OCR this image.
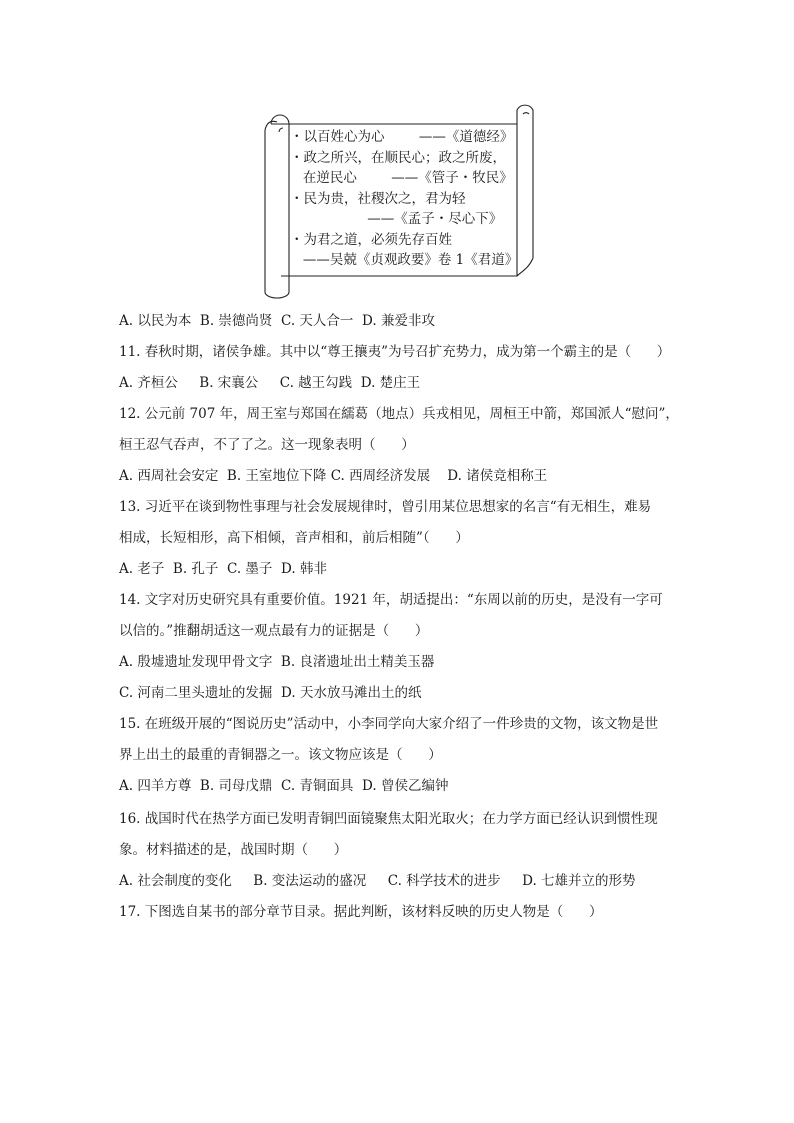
・以百姓心为心        ——《道德经》
・政之所兴，在顺民心；政之所废，
在逆民心        ——《管子・牧民》
・民为贵，社稷次之，君为轻
——《孟子・尽心下》
・为君之道，必须先存百姓
——吴兢《贞观政要》卷 1《君道》
A. 以民为本  B. 崇德尚贤  C. 天人合一  D. 兼爱非攻
11. 春秋时期，诸侯争雄。其中以“尊王攘夷”为号召扩充势力，成为第一个霸主的是（      ）
A. 齐桓公     B. 宋襄公     C. 越王勾践  D. 楚庄王
12. 公元前 707 年，周王室与郑国在繻葛（地点）兵戎相见，周桓王中箭，郑国派人“慰问”，
桓王忍气吞声，不了了之。这一现象表明（      ）
A. 西周社会安定  B. 王室地位下降 C. 西周经济发展    D. 诸侯竞相称王
13. 习近平在谈到物性事理与社会发展规律时，曾引用某位思想家的名言“有无相生，难易
相成，长短相形，高下相倾，音声相和，前后相随”（      ）
A. 老子  B. 孔子  C. 墨子  D. 韩非
14. 文字对历史研究具有重要价值。1921 年，胡适提出：“东周以前的历史，是没有一字可
以信的。”推翻胡适这一观点最有力的证据是（      ）
A. 殷墟遗址发现甲骨文字  B. 良渚遗址出土精美玉器
C. 河南二里头遗址的发掘  D. 天水放马滩出土的纸
15. 在班级开展的“图说历史”活动中，小李同学向大家介绍了一件珍贵的文物，该文物是世
界上出土的最重的青铜器之一。该文物应该是（      ）
A. 四羊方尊  B. 司母戊鼎  C. 青铜面具  D. 曾侯乙编钟
16. 战国时代在热学方面已发明青铜凹面镜聚焦太阳光取火；在力学方面已经认识到惯性现
象。材料描述的是，战国时期（      ）
A. 社会制度的变化     B. 变法运动的盛况     C. 科学技术的进步     D. 七雄并立的形势
17. 下图选自某书的部分章节目录。据此判断，该材料反映的历史人物是（      ）
